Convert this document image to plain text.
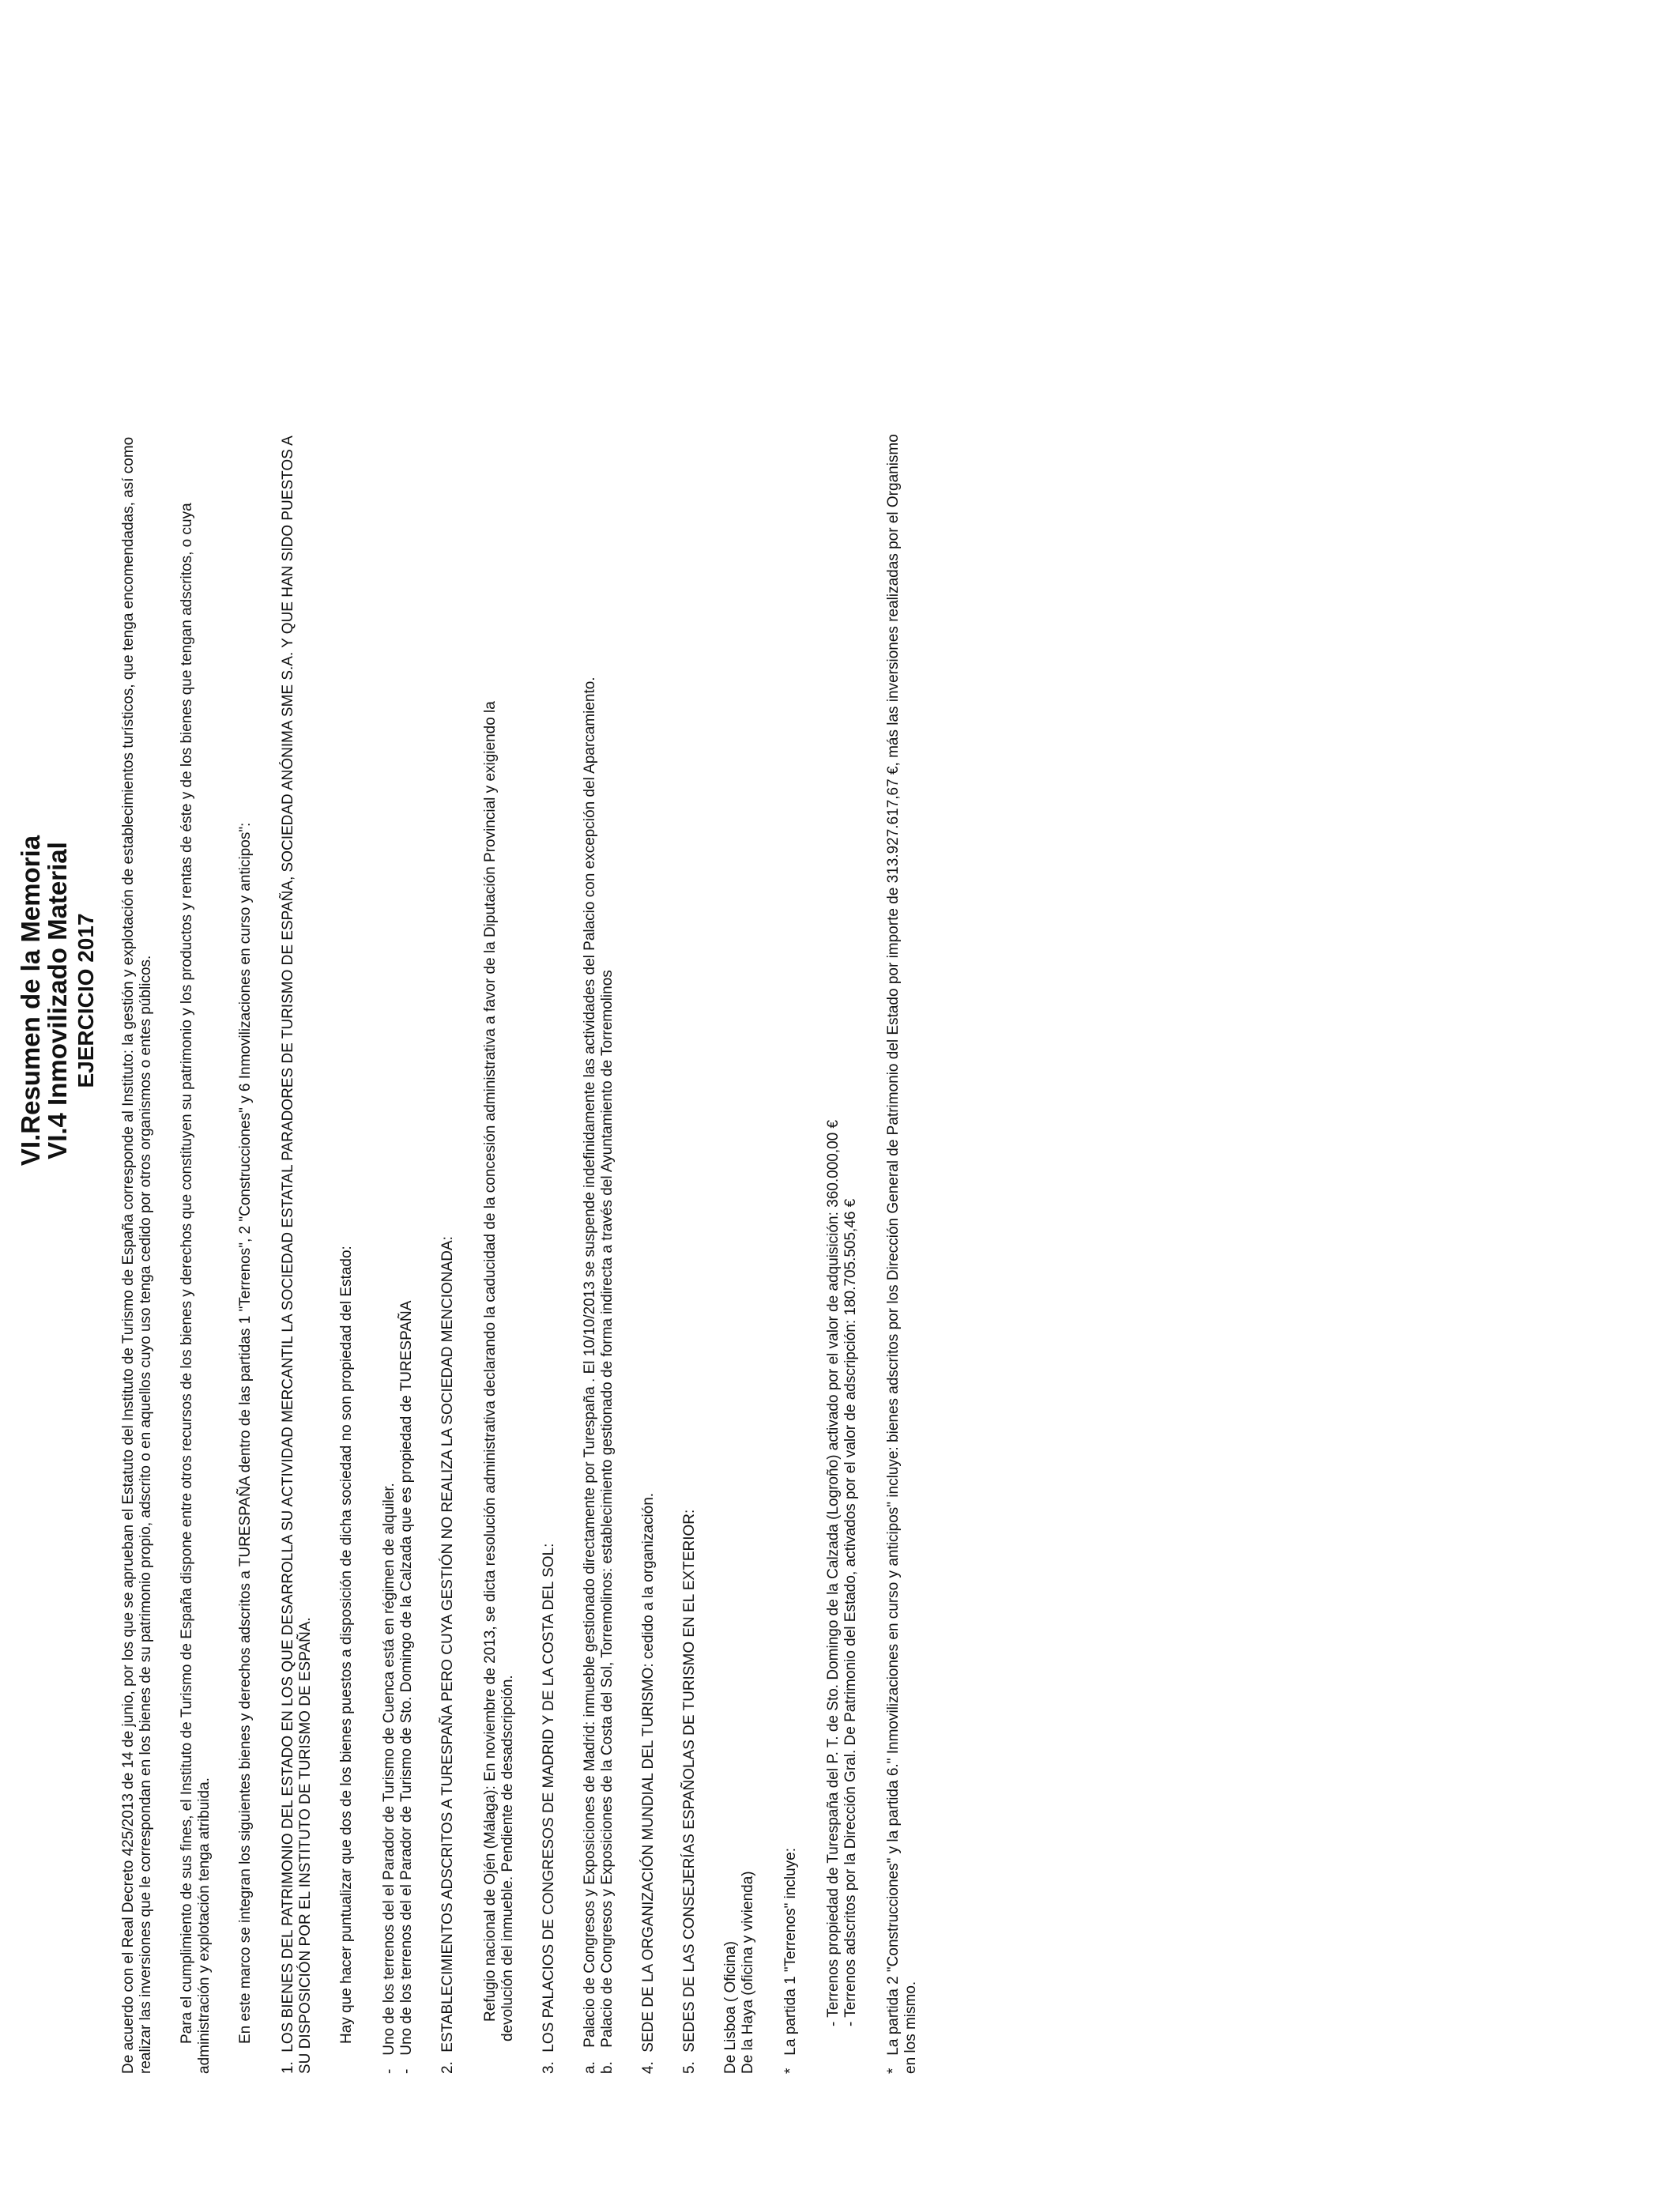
VI.Resumen de la Memoria
VI.4 Inmovilizado Material EJERCICIO 2017 De acuerdo con el Real Decreto 425/2013 de 14 de junio, por los que se aprueban el Estatuto del Instituto de Turismo de España corresponde al Instituto: la gestión y explotación de establecimientos turísticos, que tenga encomendadas, así como realizar las inversiones que le correspondan en los bienes de su patrimonio propio, adscrito o en aquellos cuyo uso tenga cedido por otros organismos o entes públicos. Para el cumplimiento de sus fines, el Instituto de Turismo de España dispone entre otros recursos de los bienes y derechos que constituyen su patrimonio y los productos y rentas de éste y de los bienes que tengan adscritos, o cuya administración y explotación tenga atribuida. En este marco se integran los siguientes bienes y derechos adscritos a TURESPAÑA dentro de las partidas 1 "Terrenos", 2 "Construcciones" y 6 Inmovilizaciones en curso y anticipos":
1. LOS BIENES DEL PATRIMONIO DEL ESTADO EN LOS QUE DESARROLLA SU ACTIVIDAD MERCANTIL LA SOCIEDAD ESTATAL PARADORES DE TURISMO DE ESPAÑA, SOCIEDAD ANÓNIMA SME S.A. Y QUE HAN SIDO PUESTOS A SU DISPOSICIÓN POR EL INSTITUTO DE TURISMO DE ESPAÑA. Hay que hacer puntualizar que dos de los bienes puestos a disposición de dicha sociedad no son propiedad del Estado:
- Uno de los terrenos del el Parador de Turismo de Cuenca está en régimen de alquiler.
- Uno de los terrenos del el Parador de Turismo de Sto. Domingo de la Calzada que es propiedad de TURESPAÑA
2. ESTABLECIMIENTOS ADSCRITOS A TURESPAÑA PERO CUYA GESTIÓN NO REALIZA LA SOCIEDAD MENCIONADA: Refugio nacional de Ojén (Málaga): En noviembre de 2013, se dicta resolución administrativa declarando la caducidad de la concesión administrativa a favor de la Diputación Provincial y exigiendo la devolución del inmueble. Pendiente de desadscripción.
3. LOS PALACIOS DE CONGRESOS DE MADRID Y DE LA COSTA DEL SOL:
a. Palacio de Congresos y Exposiciones de Madrid: inmueble gestionado directamente por Turespaña . El 10/10/2013 se suspende indefinidamente las actividades del Palacio con excepción del Aparcamiento.
b. Palacio de Congresos y Exposiciones de la Costa del Sol, Torremolinos: establecimiento gestionado de forma indirecta a través del Ayuntamiento de Torremolinos
4. SEDE DE LA ORGANIZACIÓN MUNDIAL DEL TURISMO: cedido a la organización.
5. SEDES DE LAS CONSEJERÍAS ESPAÑOLAS DE TURISMO EN EL EXTERIOR: De Lisboa ( Oficina) De la Haya (oficina y vivienda) * La partida 1 "Terrenos" incluye: - Terrenos propiedad de Turespaña del P. T. de Sto. Domingo de la Calzada (Logroño) activado por el valor de adquisición: 360.000,00 € - Terrenos adscritos por la Dirección Gral. De Patrimonio del Estado, activados por el valor de adscripción: 180.705.505,46 €
* La partida 2 "Construcciones" y la partida 6." Inmovilizaciones en curso y anticipos" incluye: bienes adscritos por los Dirección General de Patrimonio del Estado por importe de 313.927.617,67 €, más las inversiones realizadas por el Organismo en los mismo.
